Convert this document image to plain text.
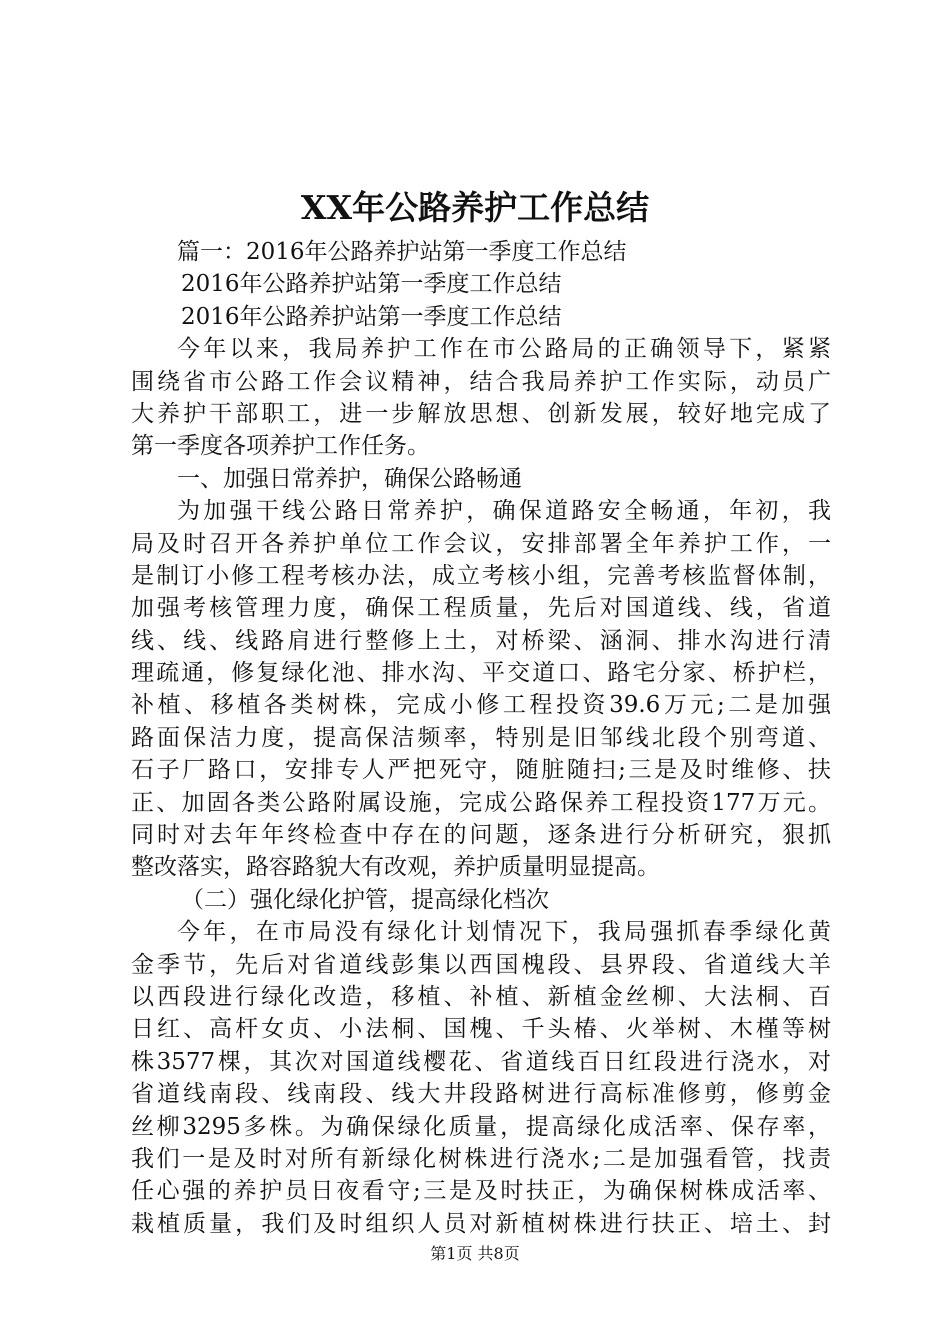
XX年公路养护工作总结
篇一：2016年公路养护站第一季度工作总结
2016年公路养护站第一季度工作总结
2016年公路养护站第一季度工作总结
今年以来，我局养护工作在市公路局的正确领导下，紧紧
围绕省市公路工作会议精神，结合我局养护工作实际，动员广
大养护干部职工，进一步解放思想、创新发展，较好地完成了
第一季度各项养护工作任务。
一、加强日常养护，确保公路畅通
为加强干线公路日常养护，确保道路安全畅通，年初，我
局及时召开各养护单位工作会议，安排部署全年养护工作，一
是制订小修工程考核办法，成立考核小组，完善考核监督体制，
加强考核管理力度，确保工程质量，先后对国道线、线，省道
线、线、线路肩进行整修上土，对桥梁、涵洞、排水沟进行清
理疏通，修复绿化池、排水沟、平交道口、路宅分家、桥护栏，
补植、移植各类树株，完成小修工程投资39.6万元;二是加强
路面保洁力度，提高保洁频率，特别是旧邹线北段个别弯道、
石子厂路口，安排专人严把死守，随脏随扫;三是及时维修、扶
正、加固各类公路附属设施，完成公路保养工程投资177万元。
同时对去年年终检查中存在的问题，逐条进行分析研究，狠抓
整改落实，路容路貌大有改观，养护质量明显提高。
（二）强化绿化护管，提高绿化档次
今年，在市局没有绿化计划情况下，我局强抓春季绿化黄
金季节，先后对省道线彭集以西国槐段、县界段、省道线大羊
以西段进行绿化改造，移植、补植、新植金丝柳、大法桐、百
日红、高杆女贞、小法桐、国槐、千头椿、火举树、木槿等树
株3577棵，其次对国道线樱花、省道线百日红段进行浇水，对
省道线南段、线南段、线大井段路树进行高标准修剪，修剪金
丝柳3295多株。为确保绿化质量，提高绿化成活率、保存率，
我们一是及时对所有新绿化树株进行浇水;二是加强看管，找责
任心强的养护员日夜看守;三是及时扶正，为确保树株成活率、
栽植质量，我们及时组织人员对新植树株进行扶正、培土、封
第1页 共8页
